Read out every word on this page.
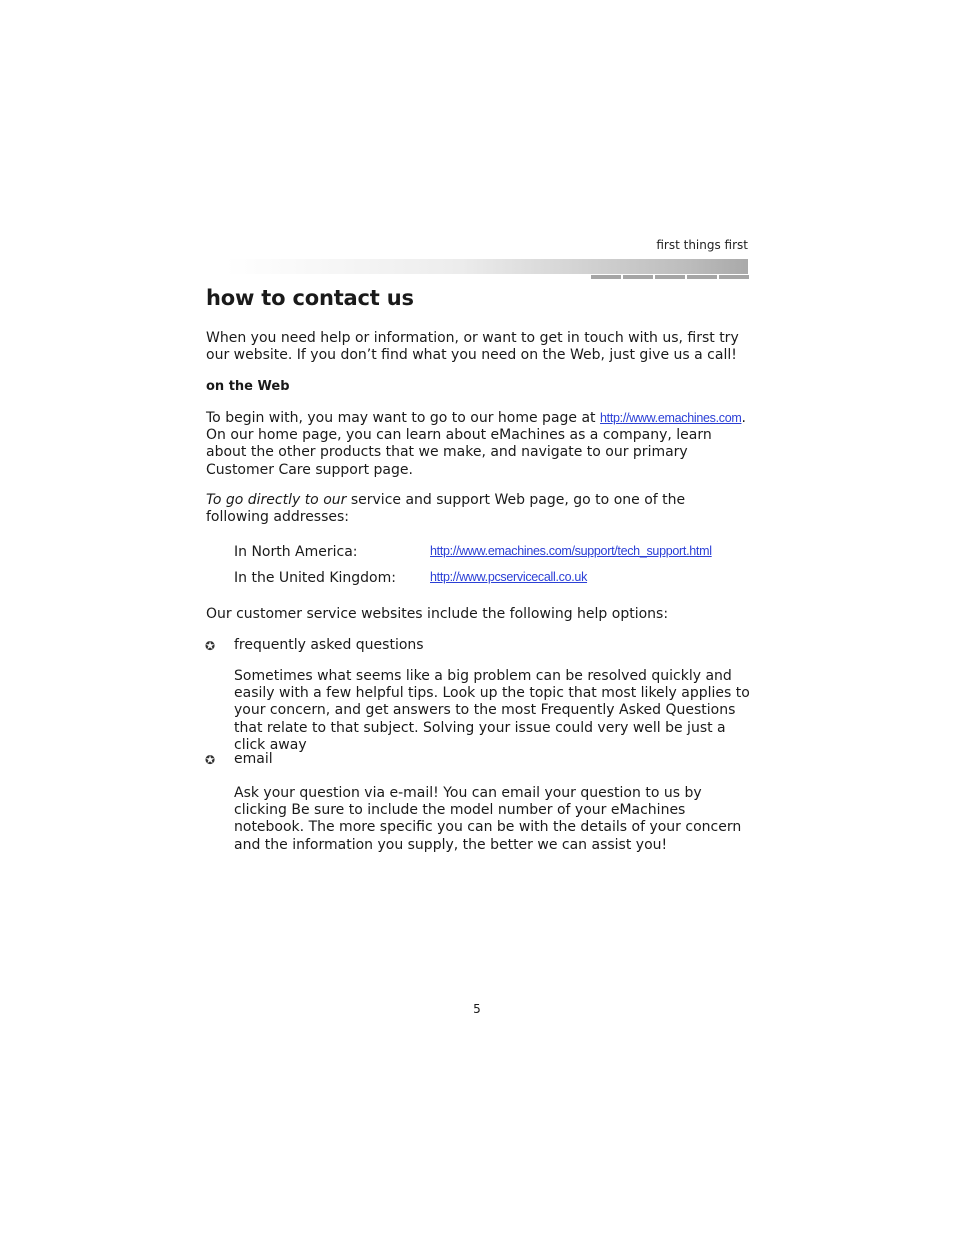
first things first
how to contact us

When you need help or information, or want to get in touch with us, first try our website. If you don’t find what you need on the Web, just give us a call!

on the Web

To begin with, you may want to go to our home page at http://www.emachines.com. On our home page, you can learn about eMachines as a company, learn about the other products that we make, and navigate to our primary Customer Care support page.

To go directly to our service and support Web page, go to one of the following addresses:

In North America:	http://www.emachines.com/support/tech_support.html
In the United Kingdom:	http://www.pcservicecall.co.uk

Our customer service websites include the following help options:

✪ frequently asked questions

Sometimes what seems like a big problem can be resolved quickly and easily with a few helpful tips. Look up the topic that most likely applies to your concern, and get answers to the most Frequently Asked Questions that relate to that subject. Solving your issue could very well be just a click away

✪ email

Ask your question via e-mail! You can email your question to us by clicking Be sure to include the model number of your eMachines notebook. The more specific you can be with the details of your concern and the information you supply, the better we can assist you!

5
